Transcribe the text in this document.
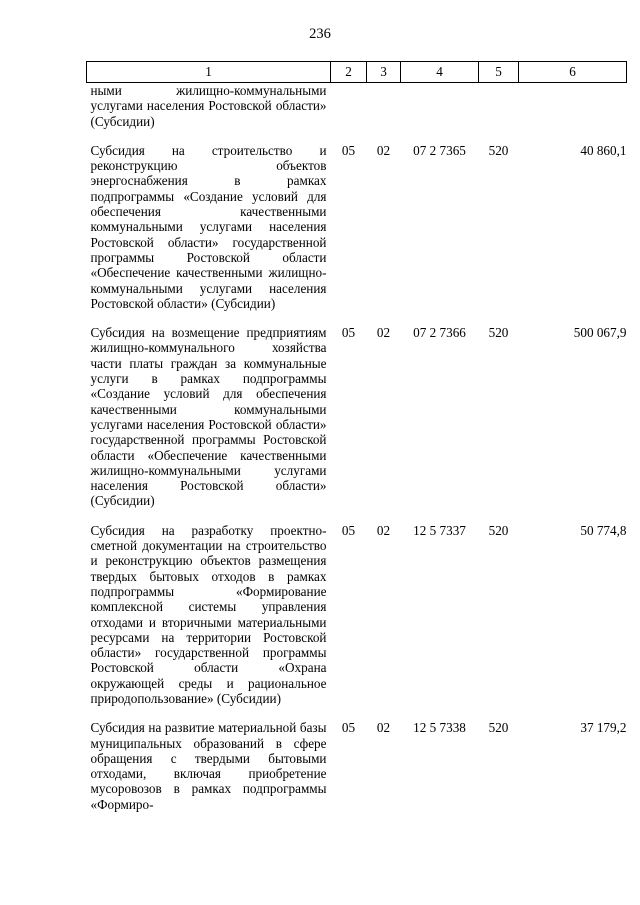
236
1	2	3	4	5	6
ными жилищно-коммунальными услугами населения Ростовской области» (Субсидии)					
Субсидия на строительство и реконструкцию объектов энергоснабжения в рамках подпрограммы «Создание условий для обеспечения качественными коммунальными услугами населения Ростовской области» государственной программы Ростовской области «Обеспечение качественными жилищно-коммунальными услугами населения Ростовской области» (Субсидии)	05	02	07 2 7365	520	40 860,1
Субсидия на возмещение предприятиям жилищно-коммунального хозяйства части платы граждан за коммунальные услуги в рамках подпрограммы «Создание условий для обеспечения качественными коммунальными услугами населения Ростовской области» государственной программы Ростовской области «Обеспечение качественными жилищно-коммунальными услугами населения Ростовской области» (Субсидии)	05	02	07 2 7366	520	500 067,9
Субсидия на разработку проектно-сметной документации на строительство и реконструкцию объектов размещения твердых бытовых отходов в рамках подпрограммы «Формирование комплексной системы управления отходами и вторичными материальными ресурсами на территории Ростовской области» государственной программы Ростовской области «Охрана окружающей среды и рациональное природопользование» (Субсидии)	05	02	12 5 7337	520	50 774,8
Субсидия на развитие материальной базы муниципальных образований в сфере обращения с твердыми бытовыми отходами, включая приобретение мусоровозов в рамках подпрограммы «Формиро-	05	02	12 5 7338	520	37 179,2
